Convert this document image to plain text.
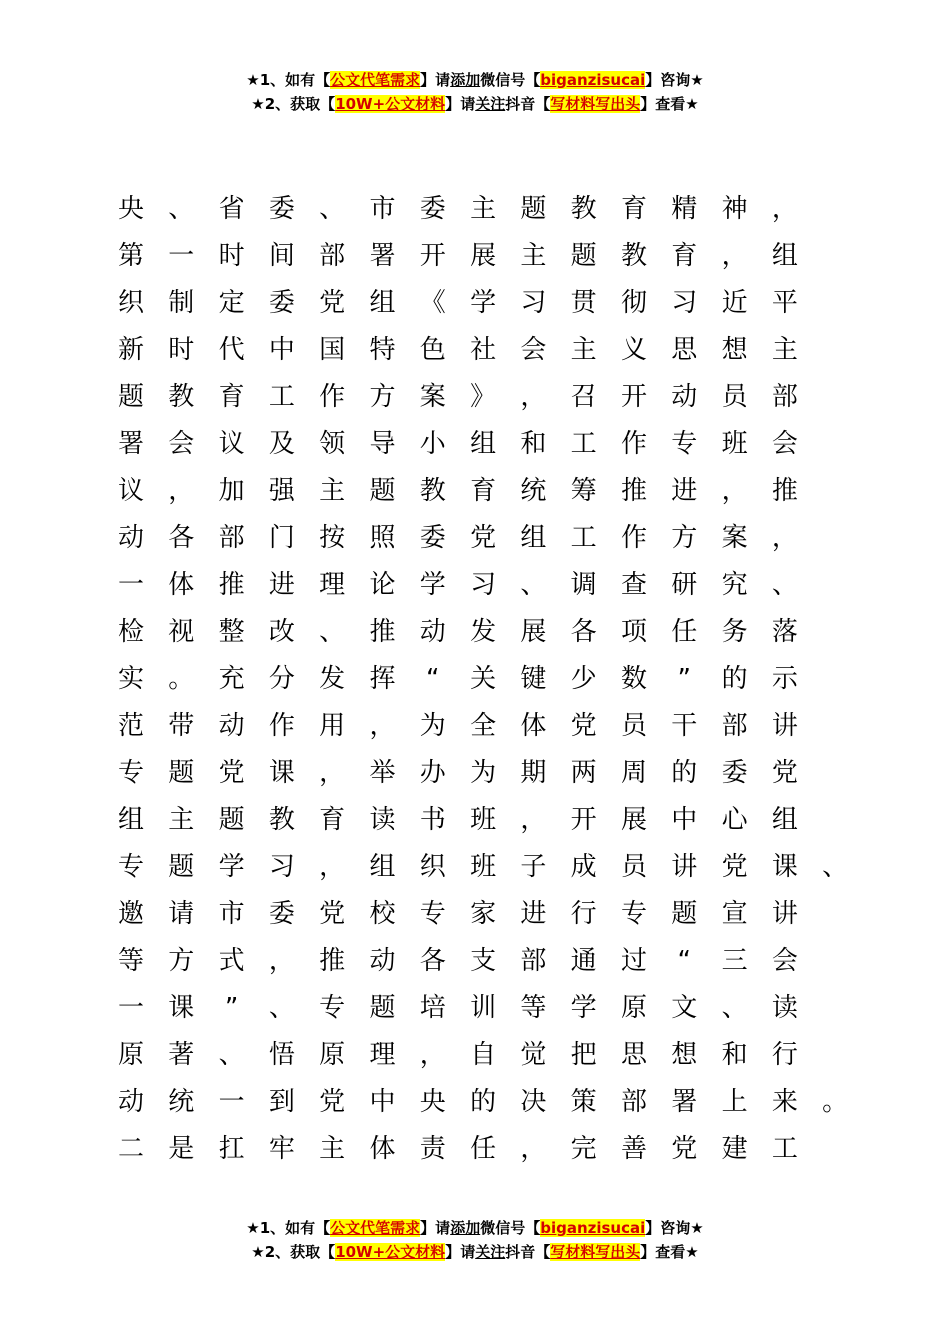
★1、如有【公文代笔需求】请添加微信号【biganzisucai】咨询★
★2、获取【10W+公文材料】请关注抖音【写材料写出头】查看★
央 、 省 委 、 市 委 主 题 教 育 精 神 ，
第 一 时 间 部 署 开 展 主 题 教 育 ， 组
织 制 定 委 党 组 《 学 习 贯 彻 习 近 平
新 时 代 中 国 特 色 社 会 主 义 思 想 主
题 教 育 工 作 方 案 》 ， 召 开 动 员 部
署 会 议 及 领 导 小 组 和 工 作 专 班 会
议 ， 加 强 主 题 教 育 统 筹 推 进 ， 推
动 各 部 门 按 照 委 党 组 工 作 方 案 ，
一 体 推 进 理 论 学 习 、 调 查 研 究 、
检 视 整 改 、 推 动 发 展 各 项 任 务 落
实 。 充 分 发 挥	“	关 键 少 数	”	的 示
范 带 动 作 用 ， 为 全 体 党 员 干 部 讲
专 题 党 课 ， 举 办 为 期 两 周 的 委 党
组 主 题 教 育 读 书 班 ， 开 展 中 心 组
专 题 学 习 ， 组 织 班 子 成 员 讲 党 课 、
邀 请 市 委 党 校 专 家 进 行 专 题 宣 讲
等 方 式 ， 推 动 各 支 部 通 过	“	三 会
一 课	”	、 专 题 培 训 等 学 原 文 、 读
原 著 、 悟 原 理 ， 自 觉 把 思 想 和 行
动 统 一 到 党 中 央 的 决 策 部 署 上 来 。
二 是 扛 牢 主 体 责 任 ， 完 善 党 建 工
★1、如有【公文代笔需求】请添加微信号【biganzisucai】咨询★
★2、获取【10W+公文材料】请关注抖音【写材料写出头】查看★
